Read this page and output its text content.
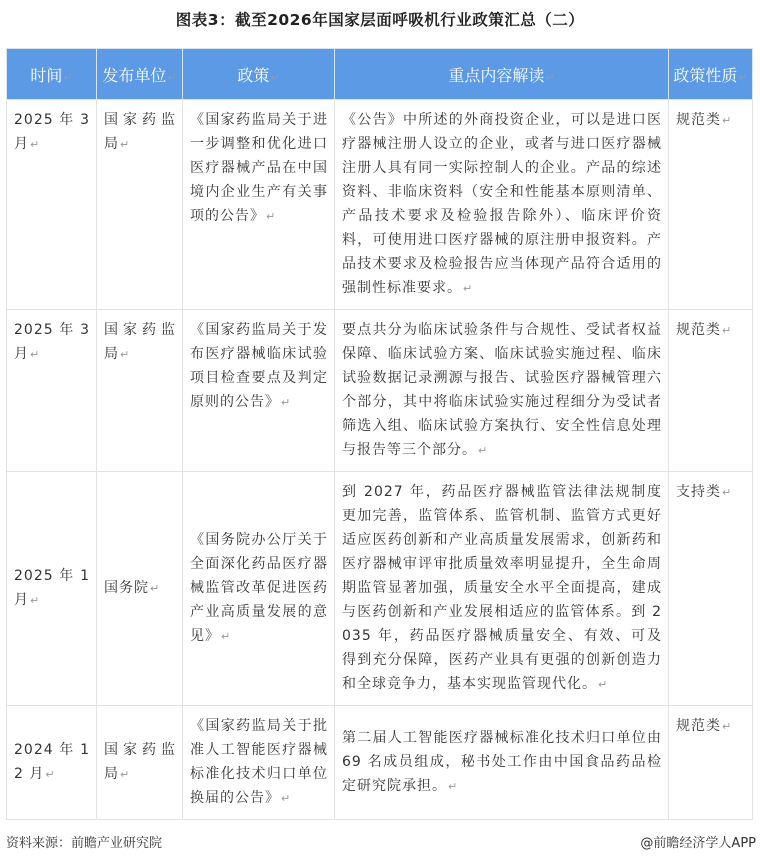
图表3：截至2026年国家层面呼吸机行业政策汇总（二）
时间 ↵	发布单位 ↵	政策 ↵	重点内容解读 ↵	政策性质 ↵
2025 年 3 月 ↵	国家药监局 ↵	《国家药监局关于进一步调整和优化进口医疗器械产品在中国境内企业生产有关事项的公告》 ↵	《公告》中所述的外商投资企业，可以是进口医疗器械注册人设立的企业，或者与进口医疗器械注册人具有同一实际控制人的企业。产品的综述资料、非临床资料（安全和性能基本原则清单、产品技术要求及检验报告除外）、临床评价资料，可使用进口医疗器械的原注册申报资料。产品技术要求及检验报告应当体现产品符合适用的强制性标准要求。 ↵	规范类 ↵
2025 年 3 月 ↵	国家药监局 ↵	《国家药监局关于发布医疗器械临床试验项目检查要点及判定原则的公告》 ↵	要点共分为临床试验条件与合规性、受试者权益保障、临床试验方案、临床试验实施过程、临床试验数据记录溯源与报告、试验医疗器械管理六个部分，其中将临床试验实施过程细分为受试者筛选入组、临床试验方案执行、安全性信息处理与报告等三个部分。 ↵	规范类 ↵
2025 年 1 月 ↵	国务院 ↵	《国务院办公厅关于全面深化药品医疗器械监管改革促进医药产业高质量发展的意见》 ↵	到 2027 年，药品医疗器械监管法律法规制度更加完善，监管体系、监管机制、监管方式更好适应医药创新和产业高质量发展需求，创新药和医疗器械审评审批质量效率明显提升，全生命周期监管显著加强，质量安全水平全面提高，建成与医药创新和产业发展相适应的监管体系。到 2035 年，药品医疗器械质量安全、有效、可及得到充分保障，医药产业具有更强的创新创造力和全球竞争力，基本实现监管现代化。 ↵	支持类 ↵
2024 年 12 月 ↵	国家药监局 ↵	《国家药监局关于批准人工智能医疗器械标准化技术归口单位换届的公告》 ↵	第二届人工智能医疗器械标准化技术归口单位由 69 名成员组成，秘书处工作由中国食品药品检定研究院承担。 ↵	规范类 ↵
资料来源：前瞻产业研究院	@前瞻经济学人APP
